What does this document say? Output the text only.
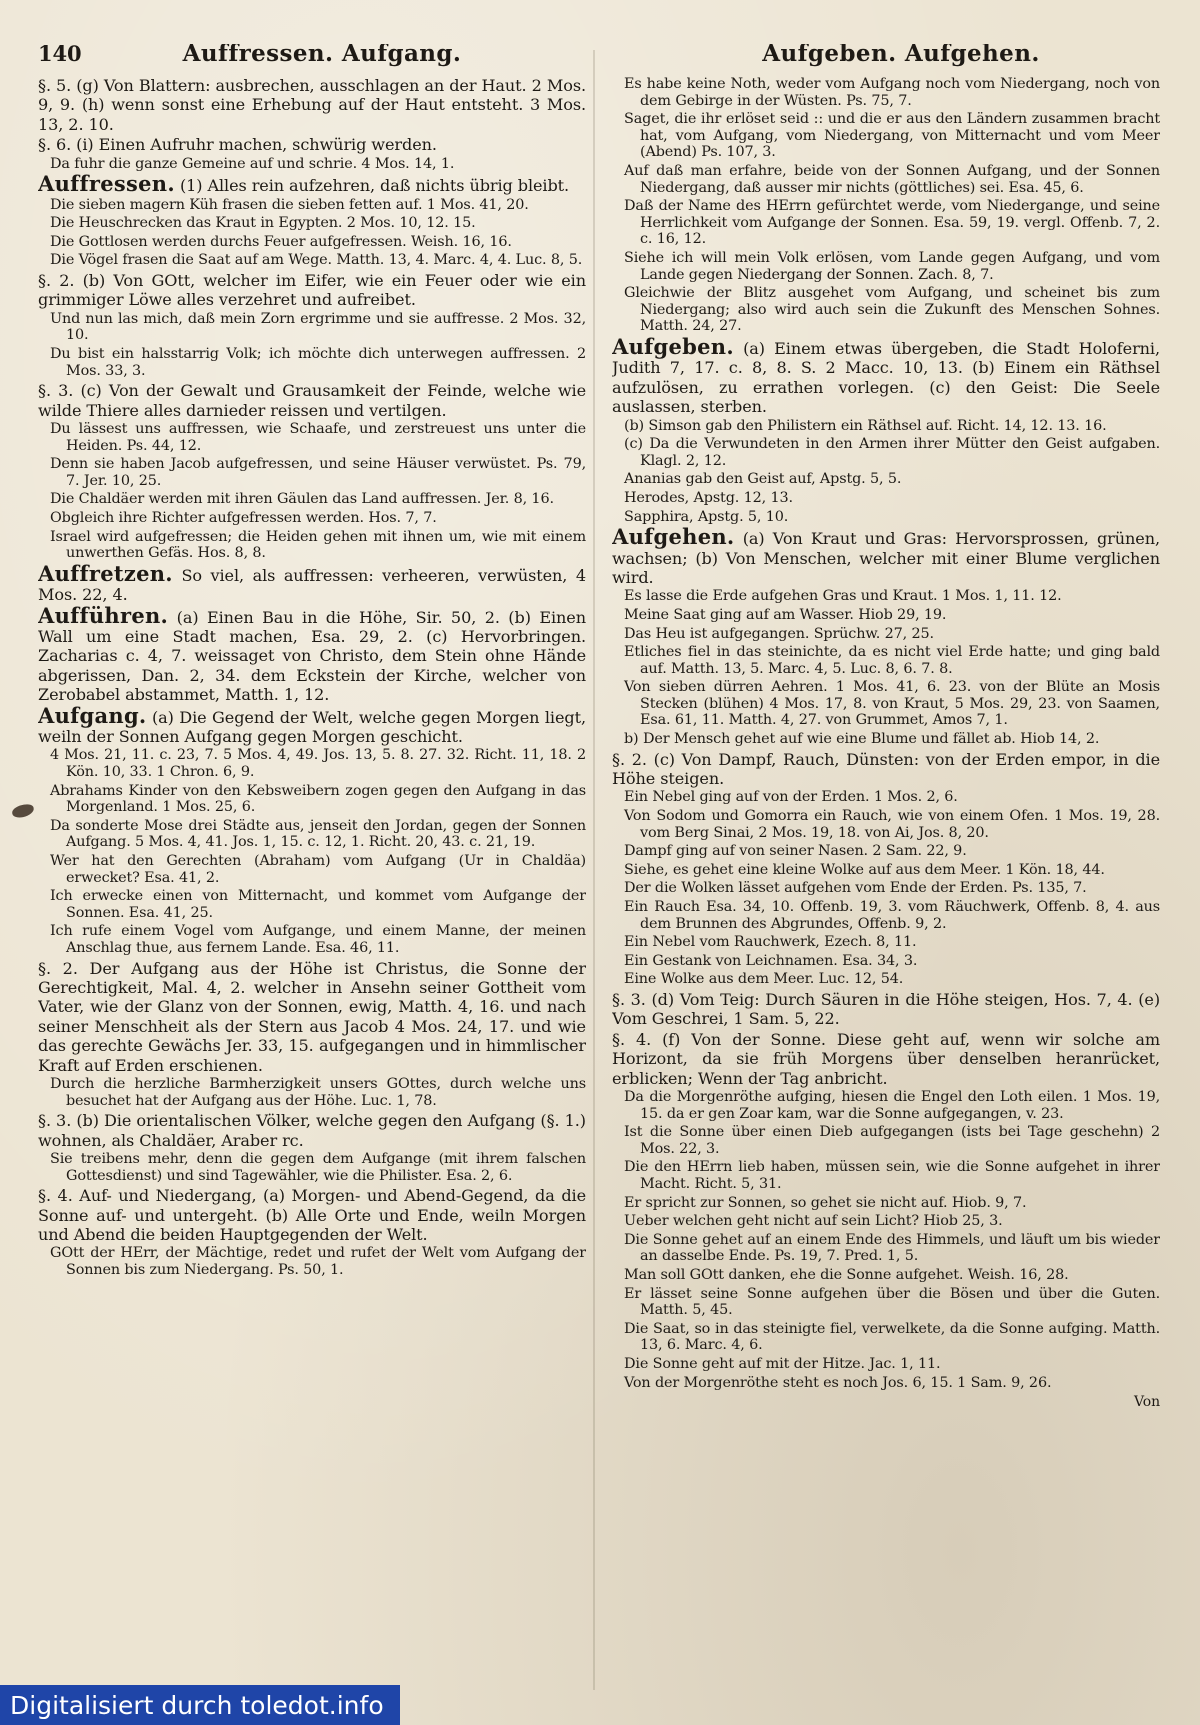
140	Auffressen. Aufgang.

§. 5. (g) Von Blattern: ausbrechen, ausschlagen an der Haut. 2 Mos. 9, 9. (h) wenn sonst eine Erhebung auf der Haut entsteht. 3 Mos. 13, 2. 10.

§. 6. (i) Einen Aufruhr machen, schwürig werden.

Da fuhr die ganze Gemeine auf und schrie. 4 Mos. 14, 1.

Auffressen. (1) Alles rein aufzehren, daß nichts übrig bleibt.

Die sieben magern Küh frasen die sieben fetten auf. 1 Mos. 41, 20.

Die Heuschrecken das Kraut in Egypten. 2 Mos. 10, 12. 15.

Die Gottlosen werden durchs Feuer aufgefressen. Weish. 16, 16.

Die Vögel frasen die Saat auf am Wege. Matth. 13, 4. Marc. 4, 4. Luc. 8, 5.

§. 2. (b) Von GOtt, welcher im Eifer, wie ein Feuer oder wie ein grimmiger Löwe alles verzehret und aufreibet.

Und nun las mich, daß mein Zorn ergrimme und sie auffresse. 2 Mos. 32, 10.

Du bist ein halsstarrig Volk; ich möchte dich unterwegen auffressen. 2 Mos. 33, 3.

§. 3. (c) Von der Gewalt und Grausamkeit der Feinde, welche wie wilde Thiere alles darnieder reissen und vertilgen.

Du lässest uns auffressen, wie Schaafe, und zerstreuest uns unter die Heiden. Ps. 44, 12.

Denn sie haben Jacob aufgefressen, und seine Häuser verwüstet. Ps. 79, 7. Jer. 10, 25.

Die Chaldäer werden mit ihren Gäulen das Land auffressen. Jer. 8, 16.

Obgleich ihre Richter aufgefressen werden. Hos. 7, 7.

Israel wird aufgefressen; die Heiden gehen mit ihnen um, wie mit einem unwerthen Gefäs. Hos. 8, 8.

Auffretzen. So viel, als auffressen: verheeren, verwüsten, 4 Mos. 22, 4.

Aufführen. (a) Einen Bau in die Höhe, Sir. 50, 2. (b) Einen Wall um eine Stadt machen, Esa. 29, 2. (c) Hervorbringen. Zacharias c. 4, 7. weissaget von Christo, dem Stein ohne Hände abgerissen, Dan. 2, 34. dem Eckstein der Kirche, welcher von Zerobabel abstammet, Matth. 1, 12.

Aufgang. (a) Die Gegend der Welt, welche gegen Morgen liegt, weiln der Sonnen Aufgang gegen Morgen geschicht.

4 Mos. 21, 11. c. 23, 7. 5 Mos. 4, 49. Jos. 13, 5. 8. 27. 32. Richt. 11, 18. 2 Kön. 10, 33. 1 Chron. 6, 9.

Abrahams Kinder von den Kebsweibern zogen gegen den Aufgang in das Morgenland. 1 Mos. 25, 6.

Da sonderte Mose drei Städte aus, jenseit den Jordan, gegen der Sonnen Aufgang. 5 Mos. 4, 41. Jos. 1, 15. c. 12, 1. Richt. 20, 43. c. 21, 19.

Wer hat den Gerechten (Abraham) vom Aufgang (Ur in Chaldäa) erwecket? Esa. 41, 2.

Ich erwecke einen von Mitternacht, und kommet vom Aufgange der Sonnen. Esa. 41, 25.

Ich rufe einem Vogel vom Aufgange, und einem Manne, der meinen Anschlag thue, aus fernem Lande. Esa. 46, 11.

§. 2. Der Aufgang aus der Höhe ist Christus, die Sonne der Gerechtigkeit, Mal. 4, 2. welcher in Ansehn seiner Gottheit vom Vater, wie der Glanz von der Sonnen, ewig, Matth. 4, 16. und nach seiner Menschheit als der Stern aus Jacob 4 Mos. 24, 17. und wie das gerechte Gewächs Jer. 33, 15. aufgegangen und in himmlischer Kraft auf Erden erschienen.

Durch die herzliche Barmherzigkeit unsers GOttes, durch welche uns besuchet hat der Aufgang aus der Höhe. Luc. 1, 78.

§. 3. (b) Die orientalischen Völker, welche gegen den Aufgang (§. 1.) wohnen, als Chaldäer, Araber rc.

Sie treibens mehr, denn die gegen dem Aufgange (mit ihrem falschen Gottesdienst) und sind Tagewähler, wie die Philister. Esa. 2, 6.

§. 4. Auf- und Niedergang, (a) Morgen- und Abend-Gegend, da die Sonne auf- und untergeht. (b) Alle Orte und Ende, weiln Morgen und Abend die beiden Hauptgegenden der Welt.

GOtt der HErr, der Mächtige, redet und rufet der Welt vom Aufgang der Sonnen bis zum Niedergang. Ps. 50, 1.

Aufgeben. Aufgehen.

Es habe keine Noth, weder vom Aufgang noch vom Niedergang, noch von dem Gebirge in der Wüsten. Ps. 75, 7.

Saget, die ihr erlöset seid :: und die er aus den Ländern zusammen bracht hat, vom Aufgang, vom Niedergang, von Mitternacht und vom Meer (Abend) Ps. 107, 3.

Auf daß man erfahre, beide von der Sonnen Aufgang, und der Sonnen Niedergang, daß ausser mir nichts (göttliches) sei. Esa. 45, 6.

Daß der Name des HErrn gefürchtet werde, vom Niedergange, und seine Herrlichkeit vom Aufgange der Sonnen. Esa. 59, 19. vergl. Offenb. 7, 2. c. 16, 12.

Siehe ich will mein Volk erlösen, vom Lande gegen Aufgang, und vom Lande gegen Niedergang der Sonnen. Zach. 8, 7.

Gleichwie der Blitz ausgehet vom Aufgang, und scheinet bis zum Niedergang; also wird auch sein die Zukunft des Menschen Sohnes. Matth. 24, 27.

Aufgeben. (a) Einem etwas übergeben, die Stadt Holoferni, Judith 7, 17. c. 8, 8. S. 2 Macc. 10, 13. (b) Einem ein Räthsel aufzulösen, zu errathen vorlegen. (c) den Geist: Die Seele auslassen, sterben.

(b) Simson gab den Philistern ein Räthsel auf. Richt. 14, 12. 13. 16.

(c) Da die Verwundeten in den Armen ihrer Mütter den Geist aufgaben. Klagl. 2, 12.

Ananias gab den Geist auf, Apstg. 5, 5.

Herodes, Apstg. 12, 13.

Sapphira, Apstg. 5, 10.

Aufgehen. (a) Von Kraut und Gras: Hervorsprossen, grünen, wachsen; (b) Von Menschen, welcher mit einer Blume verglichen wird.

Es lasse die Erde aufgehen Gras und Kraut. 1 Mos. 1, 11. 12.

Meine Saat ging auf am Wasser. Hiob 29, 19.

Das Heu ist aufgegangen. Sprüchw. 27, 25.

Etliches fiel in das steinichte, da es nicht viel Erde hatte; und ging bald auf. Matth. 13, 5. Marc. 4, 5. Luc. 8, 6. 7. 8.

Von sieben dürren Aehren. 1 Mos. 41, 6. 23. von der Blüte an Mosis Stecken (blühen) 4 Mos. 17, 8. von Kraut, 5 Mos. 29, 23. von Saamen, Esa. 61, 11. Matth. 4, 27. von Grummet, Amos 7, 1.

b) Der Mensch gehet auf wie eine Blume und fället ab. Hiob 14, 2.

§. 2. (c) Von Dampf, Rauch, Dünsten: von der Erden empor, in die Höhe steigen.

Ein Nebel ging auf von der Erden. 1 Mos. 2, 6.

Von Sodom und Gomorra ein Rauch, wie von einem Ofen. 1 Mos. 19, 28. vom Berg Sinai, 2 Mos. 19, 18. von Ai, Jos. 8, 20.

Dampf ging auf von seiner Nasen. 2 Sam. 22, 9.

Siehe, es gehet eine kleine Wolke auf aus dem Meer. 1 Kön. 18, 44.

Der die Wolken lässet aufgehen vom Ende der Erden. Ps. 135, 7.

Ein Rauch Esa. 34, 10. Offenb. 19, 3. vom Räuchwerk, Offenb. 8, 4. aus dem Brunnen des Abgrundes, Offenb. 9, 2.

Ein Nebel vom Rauchwerk, Ezech. 8, 11.

Ein Gestank von Leichnamen. Esa. 34, 3.

Eine Wolke aus dem Meer. Luc. 12, 54.

§. 3. (d) Vom Teig: Durch Säuren in die Höhe steigen, Hos. 7, 4. (e) Vom Geschrei, 1 Sam. 5, 22.

§. 4. (f) Von der Sonne. Diese geht auf, wenn wir solche am Horizont, da sie früh Morgens über denselben heranrücket, erblicken; Wenn der Tag anbricht.

Da die Morgenröthe aufging, hiesen die Engel den Loth eilen. 1 Mos. 19, 15. da er gen Zoar kam, war die Sonne aufgegangen, v. 23.

Ist die Sonne über einen Dieb aufgegangen (ists bei Tage geschehn) 2 Mos. 22, 3.

Die den HErrn lieb haben, müssen sein, wie die Sonne aufgehet in ihrer Macht. Richt. 5, 31.

Er spricht zur Sonnen, so gehet sie nicht auf. Hiob. 9, 7.

Ueber welchen geht nicht auf sein Licht? Hiob 25, 3.

Die Sonne gehet auf an einem Ende des Himmels, und läuft um bis wieder an dasselbe Ende. Ps. 19, 7. Pred. 1, 5.

Man soll GOtt danken, ehe die Sonne aufgehet. Weish. 16, 28.

Er lässet seine Sonne aufgehen über die Bösen und über die Guten. Matth. 5, 45.

Die Saat, so in das steinigte fiel, verwelkete, da die Sonne aufging. Matth. 13, 6. Marc. 4, 6.

Die Sonne geht auf mit der Hitze. Jac. 1, 11.

Von der Morgenröthe steht es noch Jos. 6, 15. 1 Sam. 9, 26.

Von

Digitalisiert durch toledot.info
